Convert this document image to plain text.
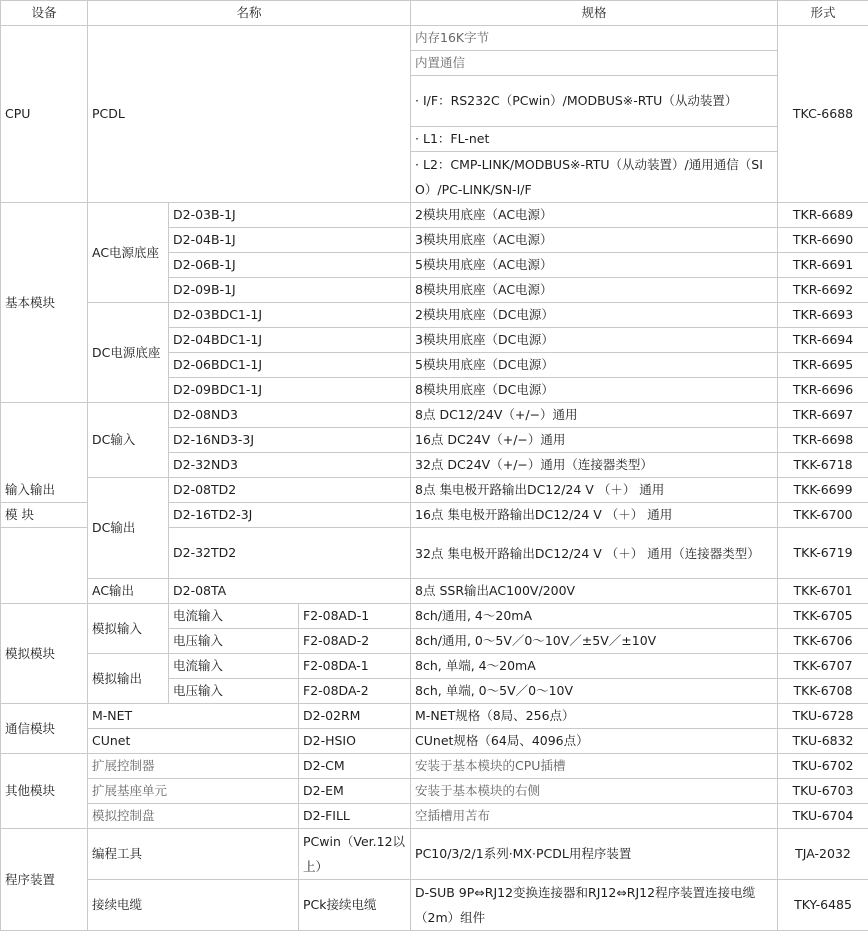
设备	名称			规格	形式
CPU	PCDL			内存16K字节	TKC-6688
				内置通信	
				· I/F：RS232C（PCwin）/MODBUS※-RTU（从动装置）	
				· L1：FL-net	
				· L2：CMP-LINK/MODBUS※-RTU（从动装置）/通用通信（SIO）/PC-LINK/SN-I/F	
基本模块	AC电源底座	D2-03B-1J		2模块用底座（AC电源）	TKR-6689
		D2-04B-1J		3模块用底座（AC电源）	TKR-6690
		D2-06B-1J		5模块用底座（AC电源）	TKR-6691
		D2-09B-1J		8模块用底座（AC电源）	TKR-6692
	DC电源底座	D2-03BDC1-1J		2模块用底座（DC电源）	TKR-6693
		D2-04BDC1-1J		3模块用底座（DC电源）	TKR-6694
		D2-06BDC1-1J		5模块用底座（DC电源）	TKR-6695
		D2-09BDC1-1J		8模块用底座（DC电源）	TKR-6696
	DC输入	D2-08ND3		8点 DC12/24V（+/−）通用	TKR-6697
		D2-16ND3-3J		16点 DC24V（+/−）通用	TKR-6698
		D2-32ND3		32点 DC24V（+/−）通用（连接器类型）	TKK-6718
输入输出	DC输出	D2-08TD2		8点 集电极开路输出DC12/24 V （＋） 通用	TKK-6699
模 块		D2-16TD2-3J		16点 集电极开路输出DC12/24 V （＋） 通用	TKK-6700
		D2-32TD2		32点 集电极开路输出DC12/24 V （＋） 通用（连接器类型）	TKK-6719
	AC输出	D2-08TA		8点 SSR输出AC100V/200V	TKK-6701
模拟模块	模拟输入	电流输入	F2-08AD-1	8ch/通用, 4～20mA	TKK-6705
		电压输入	F2-08AD-2	8ch/通用, 0～5V／0～10V／±5V／±10V	TKK-6706
	模拟输出	电流输入	F2-08DA-1	8ch, 单端, 4～20mA	TKK-6707
		电压输入	F2-08DA-2	8ch, 单端, 0～5V／0～10V	TKK-6708
通信模块	M-NET		D2-02RM	M-NET规格（8局、256点）	TKU-6728
	CUnet		D2-HSIO	CUnet规格（64局、4096点）	TKU-6832
其他模块	扩展控制器		D2-CM	安装于基本模块的CPU插槽	TKU-6702
	扩展基座单元		D2-EM	安装于基本模块的右侧	TKU-6703
	模拟控制盘		D2-FILL	空插槽用苫布	TKU-6704
程序装置	编程工具		PCwin（Ver.12以上）	PC10/3/2/1系列·MX·PCDL用程序装置	TJA-2032
	接续电缆		PCk接续电缆	D-SUB 9P⇔RJ12变换连接器和RJ12⇔RJ12程序装置连接电缆（2m）组件	TKY-6485
